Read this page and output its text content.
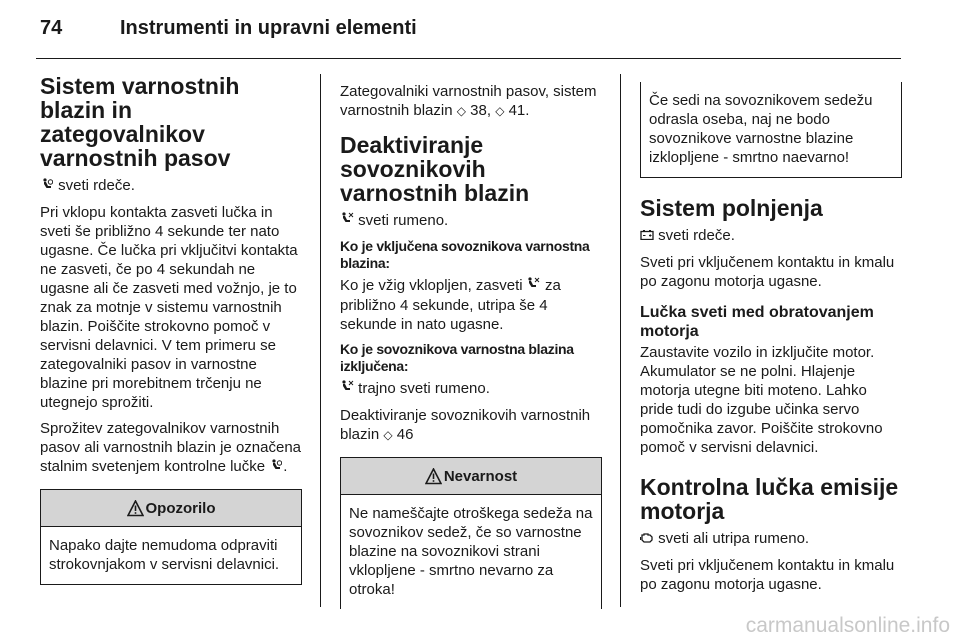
74	Instrumenti in upravni elementi
Sistem varnostnih blazin in zategovalnikov varnostnih pasov

sveti rdeče.

Pri vklopu kontakta zasveti lučka in sveti še približno 4 sekunde ter nato ugasne. Če lučka pri vključitvi kontakta ne zasveti, če po 4 sekundah ne ugasne ali če zasveti med vožnjo, je to znak za motnje v sistemu varnostnih blazin. Poiščite strokovno pomoč v servisni delavnici. V tem primeru se zategovalniki pasov in varnostne blazine pri morebitnem trčenju ne utegnejo sprožiti.

Sprožitev zategovalnikov varnostnih pasov ali varnostnih blazin je označena stalnim svetenjem kontrolne lučke .

Opozorilo
Napako dajte nemudoma odpraviti strokovnjakom v servisni delavnici.

Zategovalniki varnostnih pasov, sistem varnostnih blazin ◇ 38, ◇ 41.

Deaktiviranje sovoznikovih varnostnih blazin

sveti rumeno.

Ko je vključena sovoznikova varnostna blazina:

Ko je vžig vklopljen, zasveti za približno 4 sekunde, utripa še 4 sekunde in nato ugasne.

Ko je sovoznikova varnostna blazina izključena:

trajno sveti rumeno.

Deaktiviranje sovoznikovih varnostnih blazin ◇ 46

Nevarnost
Ne nameščajte otroškega sedeža na sovoznikov sedež, če so varnostne blazine na sovoznikovi strani vklopljene - smrtno nevarno za otroka!
Če sedi na sovoznikovem sedežu odrasla oseba, naj ne bodo sovoznikove varnostne blazine izklopljene - smrtno naevarno!
Sistem polnjenja

sveti rdeče.

Sveti pri vključenem kontaktu in kmalu po zagonu motorja ugasne.

Lučka sveti med obratovanjem motorja

Zaustavite vozilo in izključite motor. Akumulator se ne polni. Hlajenje motorja utegne biti moteno. Lahko pride tudi do izgube učinka servo pomočnika zavor. Poiščite strokovno pomoč v servisni delavnici.

Kontrolna lučka emisije motorja

sveti ali utripa rumeno.

Sveti pri vključenem kontaktu in kmalu po zagonu motorja ugasne.

carmanualsonline.info
